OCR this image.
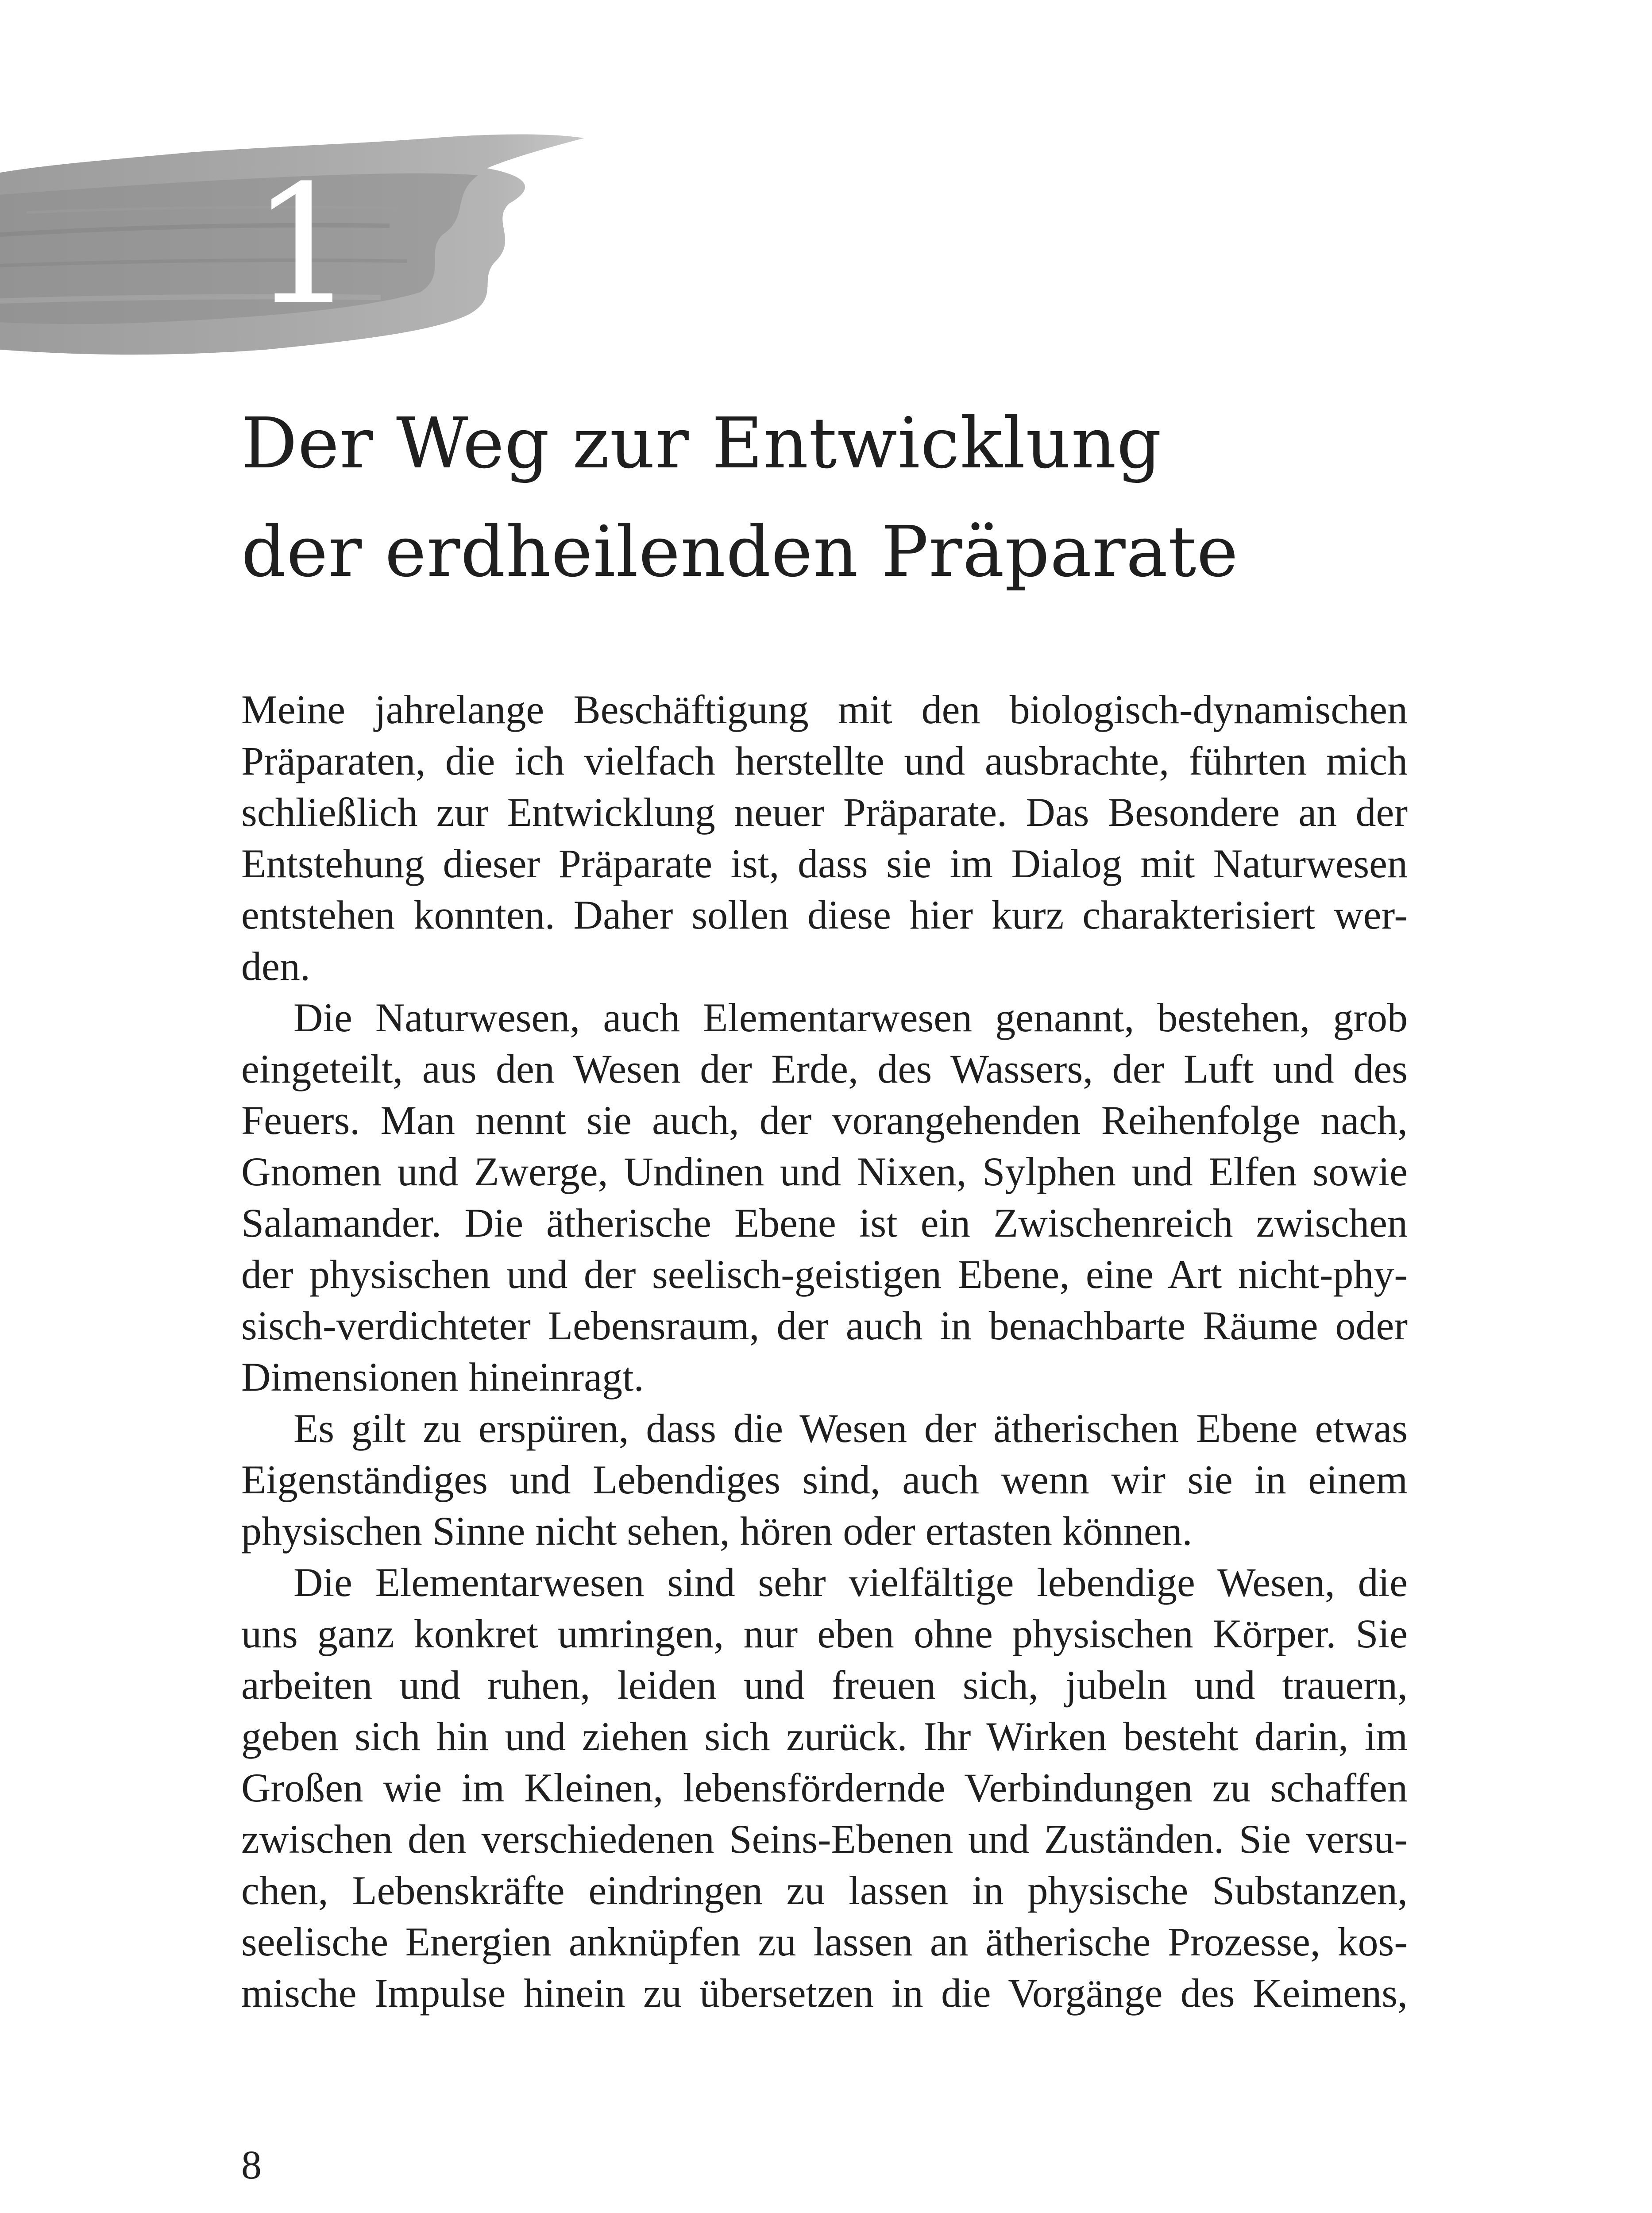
1
Der Weg zur Entwicklung
der erdheilenden Präparate
Meine jahrelange Beschäftigung mit den biologisch-dynamischen
Präparaten, die ich vielfach herstellte und ausbrachte, führten mich
schließlich zur Entwicklung neuer Präparate. Das Besondere an der
Entstehung dieser Präparate ist, dass sie im Dialog mit Naturwesen
entstehen konnten. Daher sollen diese hier kurz charakterisiert wer-
den.
Die Naturwesen, auch Elementarwesen genannt, bestehen, grob
eingeteilt, aus den Wesen der Erde, des Wassers, der Luft und des
Feuers. Man nennt sie auch, der vorangehenden Reihenfolge nach,
Gnomen und Zwerge, Undinen und Nixen, Sylphen und Elfen sowie
Salamander. Die ätherische Ebene ist ein Zwischenreich zwischen
der physischen und der seelisch-geistigen Ebene, eine Art nicht-phy-
sisch-verdichteter Lebensraum, der auch in benachbarte Räume oder
Dimensionen hineinragt.
Es gilt zu erspüren, dass die Wesen der ätherischen Ebene etwas
Eigenständiges und Lebendiges sind, auch wenn wir sie in einem
physischen Sinne nicht sehen, hören oder ertasten können.
Die Elementarwesen sind sehr vielfältige lebendige Wesen, die
uns ganz konkret umringen, nur eben ohne physischen Körper. Sie
arbeiten und ruhen, leiden und freuen sich, jubeln und trauern,
geben sich hin und ziehen sich zurück. Ihr Wirken besteht darin, im
Großen wie im Kleinen, lebensfördernde Verbindungen zu schaffen
zwischen den verschiedenen Seins-Ebenen und Zuständen. Sie versu-
chen, Lebenskräfte eindringen zu lassen in physische Substanzen,
seelische Energien anknüpfen zu lassen an ätherische Prozesse, kos-
mische Impulse hinein zu übersetzen in die Vorgänge des Keimens,
8
